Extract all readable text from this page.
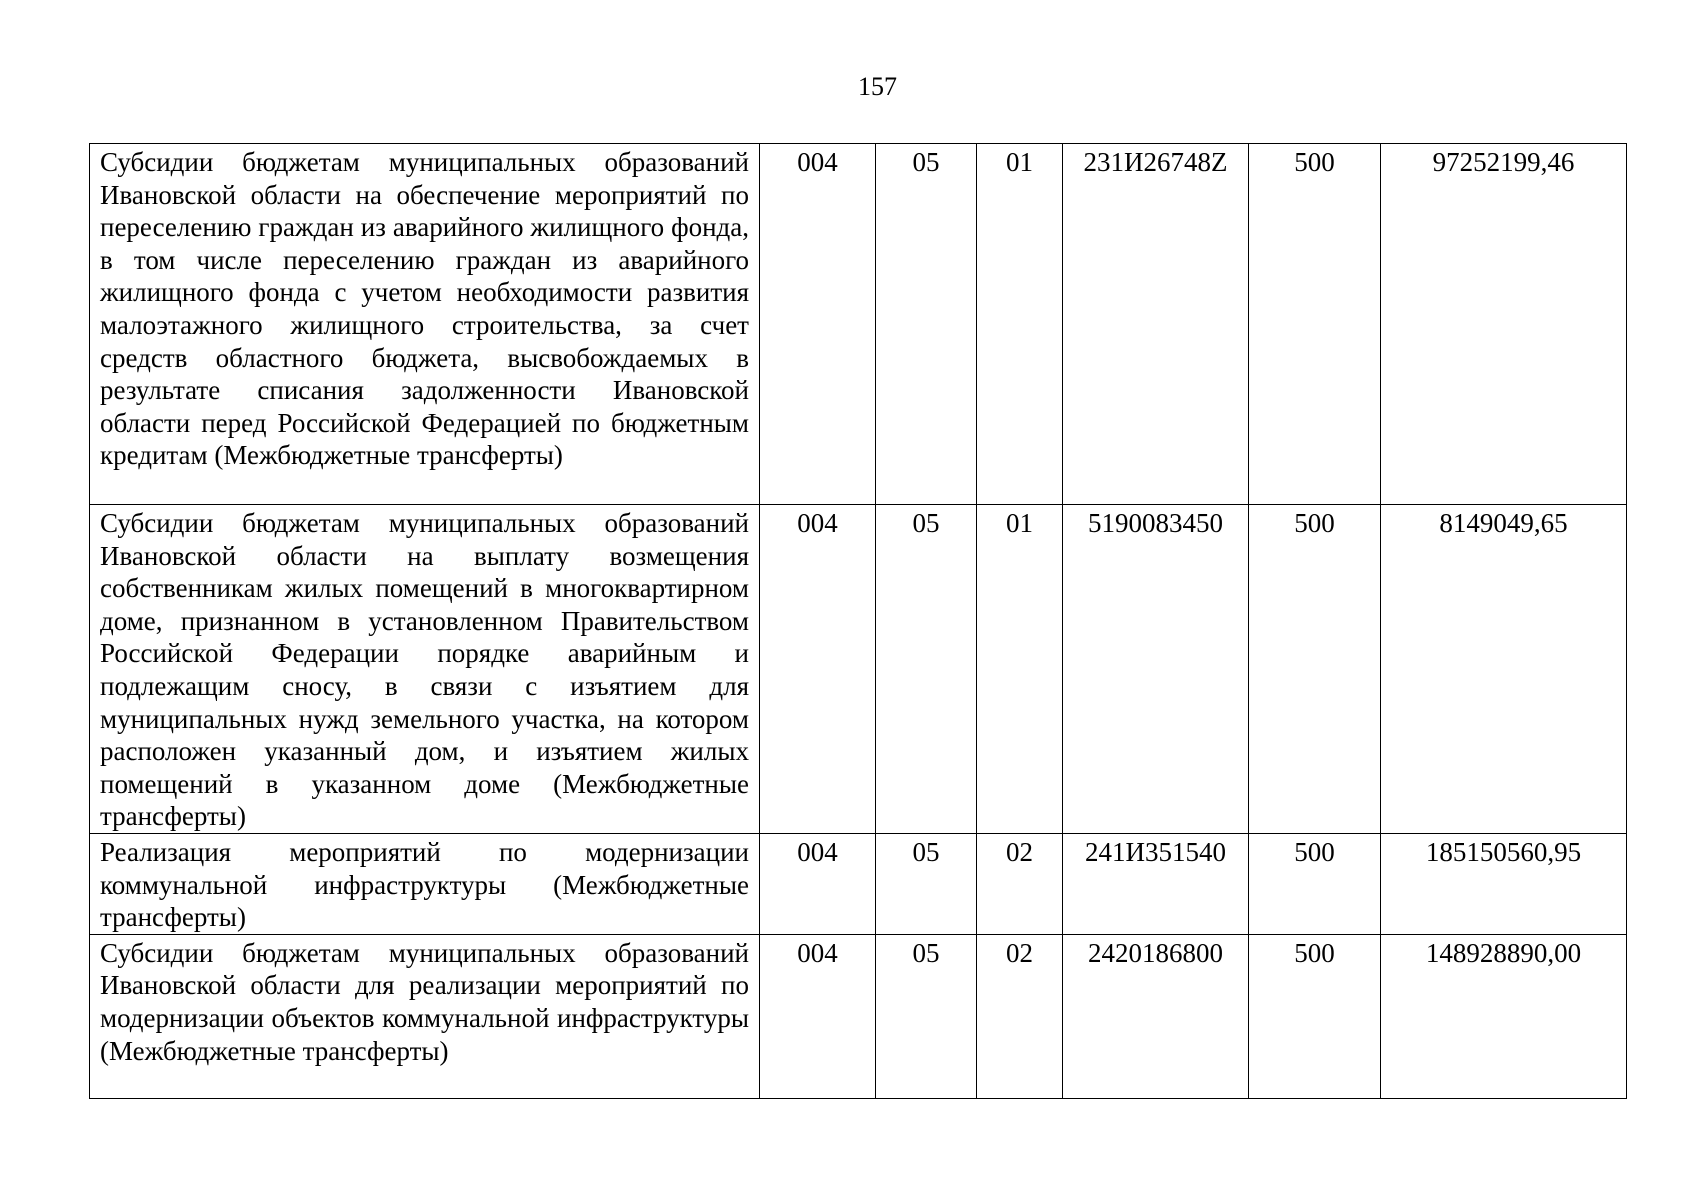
157
Субсидии бюджетам муниципальных образований Ивановской области на обеспечение мероприятий по переселению граждан из аварийного жилищного фонда, в том числе переселению граждан из аварийного жилищного фонда с учетом необходимости развития малоэтажного жилищного строительства, за счет средств областного бюджета, высвобождаемых в результате списания задолженности Ивановской области перед Российской Федерацией по бюджетным кредитам (Межбюджетные трансферты)	004	05	01	231И26748Z	500	97252199,46
Субсидии бюджетам муниципальных образований Ивановской области на выплату возмещения собственникам жилых помещений в многоквартирном доме, признанном в установленном Правительством Российской Федерации порядке аварийным и подлежащим сносу, в связи с изъятием для муниципальных нужд земельного участка, на котором расположен указанный дом, и изъятием жилых помещений в указанном доме (Межбюджетные трансферты)	004	05	01	5190083450	500	8149049,65
Реализация мероприятий по модернизации коммунальной инфраструктуры (Межбюджетные трансферты)	004	05	02	241И351540	500	185150560,95
Субсидии бюджетам муниципальных образований Ивановской области для реализации мероприятий по модернизации объектов коммунальной инфраструктуры (Межбюджетные трансферты)	004	05	02	2420186800	500	148928890,00
